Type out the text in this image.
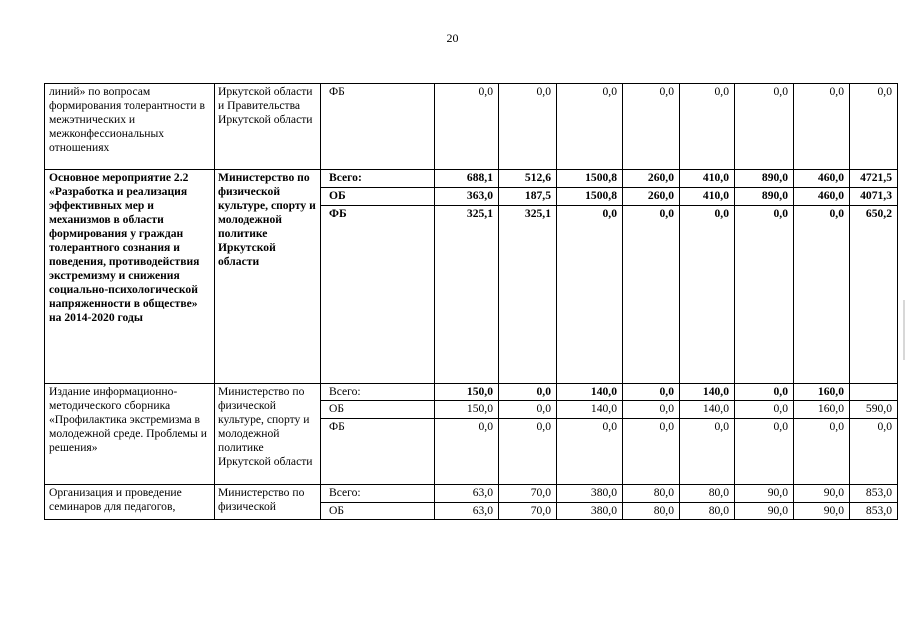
20
линий» по вопросам формирования толерантности в межэтнических и межконфессиональных отношениях	Иркутской области и Правительства Иркутской области	ФБ	0,0	0,0	0,0	0,0	0,0	0,0	0,0	0,0
Основное мероприятие 2.2 «Разработка и реализация эффективных мер и механизмов в области формирования у граждан толерантного сознания и поведения, противодействия экстремизму и снижения социально-психологической напряженности в обществе» на 2014-2020 годы	Министерство по физической культуре, спорту и молодежной политике Иркутской области	Всего:	688,1	512,6	1500,8	260,0	410,0	890,0	460,0	4721,5
		ОБ	363,0	187,5	1500,8	260,0	410,0	890,0	460,0	4071,3
		ФБ	325,1	325,1	0,0	0,0	0,0	0,0	0,0	650,2
Издание информационно-методического сборника «Профилактика экстремизма в молодежной среде. Проблемы и решения»	Министерство по физической культуре, спорту и молодежной политике Иркутской области	Всего:	150,0	0,0	140,0	0,0	140,0	0,0	160,0	
		ОБ	150,0	0,0	140,0	0,0	140,0	0,0	160,0	590,0
		ФБ	0,0	0,0	0,0	0,0	0,0	0,0	0,0	0,0
Организация и проведение семинаров для педагогов,	Министерство по физической	Всего:	63,0	70,0	380,0	80,0	80,0	90,0	90,0	853,0
		ОБ	63,0	70,0	380,0	80,0	80,0	90,0	90,0	853,0
